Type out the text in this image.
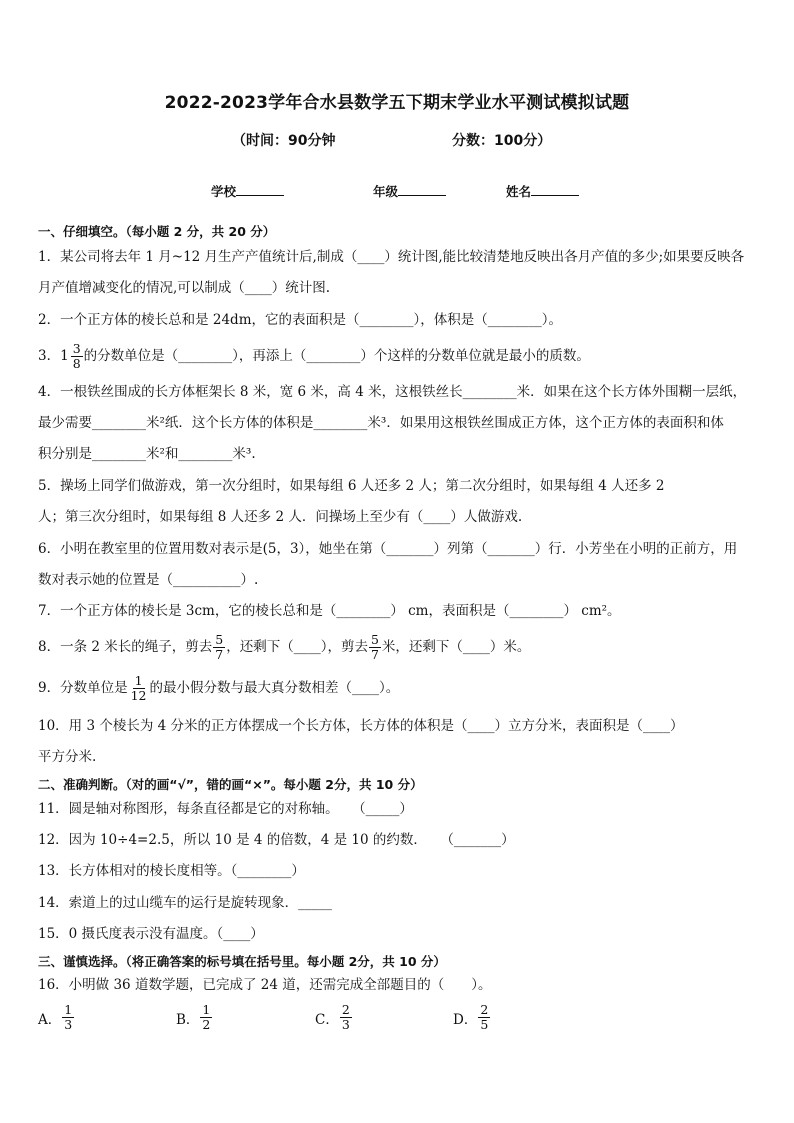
2022-2023学年合水县数学五下期末学业水平测试模拟试题
（时间：90分钟	分数：100分）
学校	年级	姓名
一、仔细填空。（每小题 2 分，共 20 分）
1．某公司将去年 1 月~12 月生产产值统计后,制成（____）统计图,能比较清楚地反映出各月产值的多少;如果要反映各
月产值增减变化的情况,可以制成（____）统计图.
2．一个正方体的棱长总和是 24dm，它的表面积是（________），体积是（________）。
3． $1 \frac{3}{8}$ 的分数单位是（________），再添上（________）个这样的分数单位就是最小的质数。
4．一根铁丝围成的长方体框架长 8 米，宽 6 米，高 4 米，这根铁丝长________米．如果在这个长方体外围糊一层纸，
最少需要________米²纸．这个长方体的体积是________米³．如果用这根铁丝围成正方体，这个正方体的表面积和体
积分别是________米²和________米³.
5．操场上同学们做游戏，第一次分组时，如果每组 6 人还多 2 人；第二次分组时，如果每组 4 人还多 2
人；第三次分组时，如果每组 8 人还多 2 人．问操场上至少有（____）人做游戏.
6．小明在教室里的位置用数对表示是(5，3），她坐在第（_______）列第（_______）行．小芳坐在小明的正前方，用
数对表示她的位置是（__________）.
7．一个正方体的棱长是 3cm，它的棱长总和是（________） cm，表面积是（________） cm²。
8．一条 2 米长的绳子，剪去 $\frac{5}{7}$ ，还剩下（____），剪去 $\frac{5}{7}$ 米，还剩下（____）米。
9．分数单位是 $\frac{1}{12}$ 的最小假分数与最大真分数相差（____）。
10．用 3 个棱长为 4 分米的正方体摆成一个长方体，长方体的体积是（____）立方分米，表面积是（____）
平方分米.
二、准确判断。（对的画“√”，错的画“×”。每小题 2分，共 10 分）
11．圆是轴对称图形，每条直径都是它的对称轴。　　（_____）
12．因为 10÷4=2.5，所以 10 是 4 的倍数，4 是 10 的约数．　　（_______）
13．长方体相对的棱长度相等。（________）
14．索道上的过山缆车的运行是旋转现象．_____
15．0 摄氏度表示没有温度。（____）
三、谨慎选择。（将正确答案的标号填在括号里。每小题 2分，共 10 分）
16．小明做 36 道数学题，已完成了 24 道，还需完成全部题目的（　　）。
A． $\frac{1}{3}$	B． $\frac{1}{2}$	C． $\frac{2}{3}$	D． $\frac{2}{5}$
